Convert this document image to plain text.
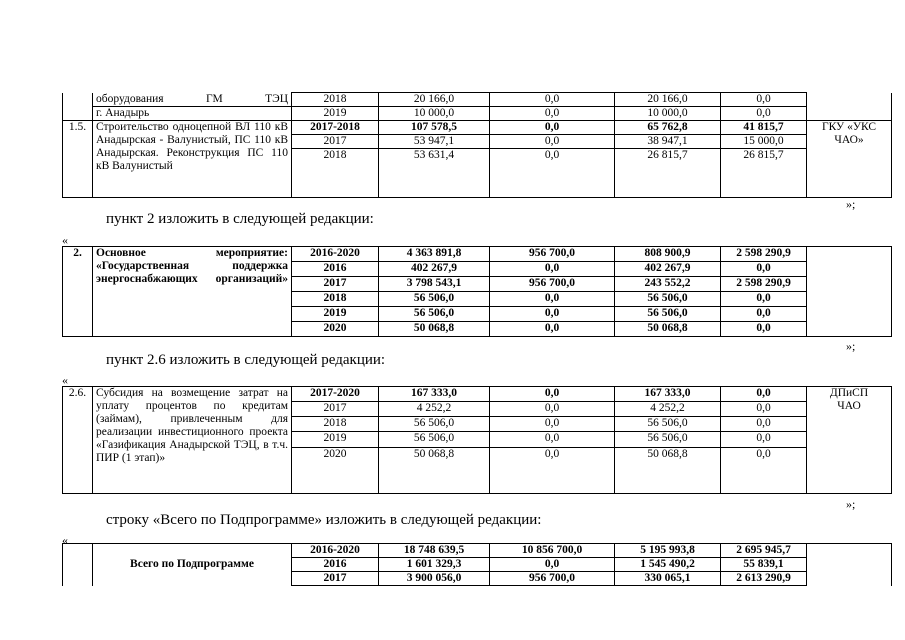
	оборудования ГМ ТЭЦ	2018	20 166,0	0,0	20 166,0	0,0	
	г. Анадырь	2019	10 000,0	0,0	10 000,0	0,0	
1.5.	Строительство одноцепной ВЛ 110 кВ Анадырская - Валунистый, ПС 110 кВ Анадырская. Реконструкция ПС 110 кВ Валунистый	2017-2018	107 578,5	0,0	65 762,8	41 815,7	ГКУ «УКС ЧАО»
		2017	53 947,1	0,0	38 947,1	15 000,0	
		2018	53 631,4	0,0	26 815,7	26 815,7	
»;
пункт 2 изложить в следующей редакции:
«
2.	Основное мероприятие: «Государственная поддержка энергоснабжающих организаций»	2016-2020	4 363 891,8	956 700,0	808 900,9	2 598 290,9	
		2016	402 267,9	0,0	402 267,9	0,0	
		2017	3 798 543,1	956 700,0	243 552,2	2 598 290,9	
		2018	56 506,0	0,0	56 506,0	0,0	
		2019	56 506,0	0,0	56 506,0	0,0	
		2020	50 068,8	0,0	50 068,8	0,0	
»;
пункт 2.6 изложить в следующей редакции:
«
2.6.	Субсидия на возмещение затрат на уплату процентов по кредитам (займам), привлеченным для реализации инвестиционного проекта «Газификация Анадырской ТЭЦ, в т.ч. ПИР (1 этап)»	2017-2020	167 333,0	0,0	167 333,0	0,0	ДПиСП ЧАО
		2017	4 252,2	0,0	4 252,2	0,0	
		2018	56 506,0	0,0	56 506,0	0,0	
		2019	56 506,0	0,0	56 506,0	0,0	
		2020	50 068,8	0,0	50 068,8	0,0	
»;
строку «Всего по Подпрограмме» изложить в следующей редакции:
«
	Всего по Подпрограмме	2016-2020	18 748 639,5	10 856 700,0	5 195 993,8	2 695 945,7	
		2016	1 601 329,3	0,0	1 545 490,2	55 839,1	
		2017	3 900 056,0	956 700,0	330 065,1	2 613 290,9	
